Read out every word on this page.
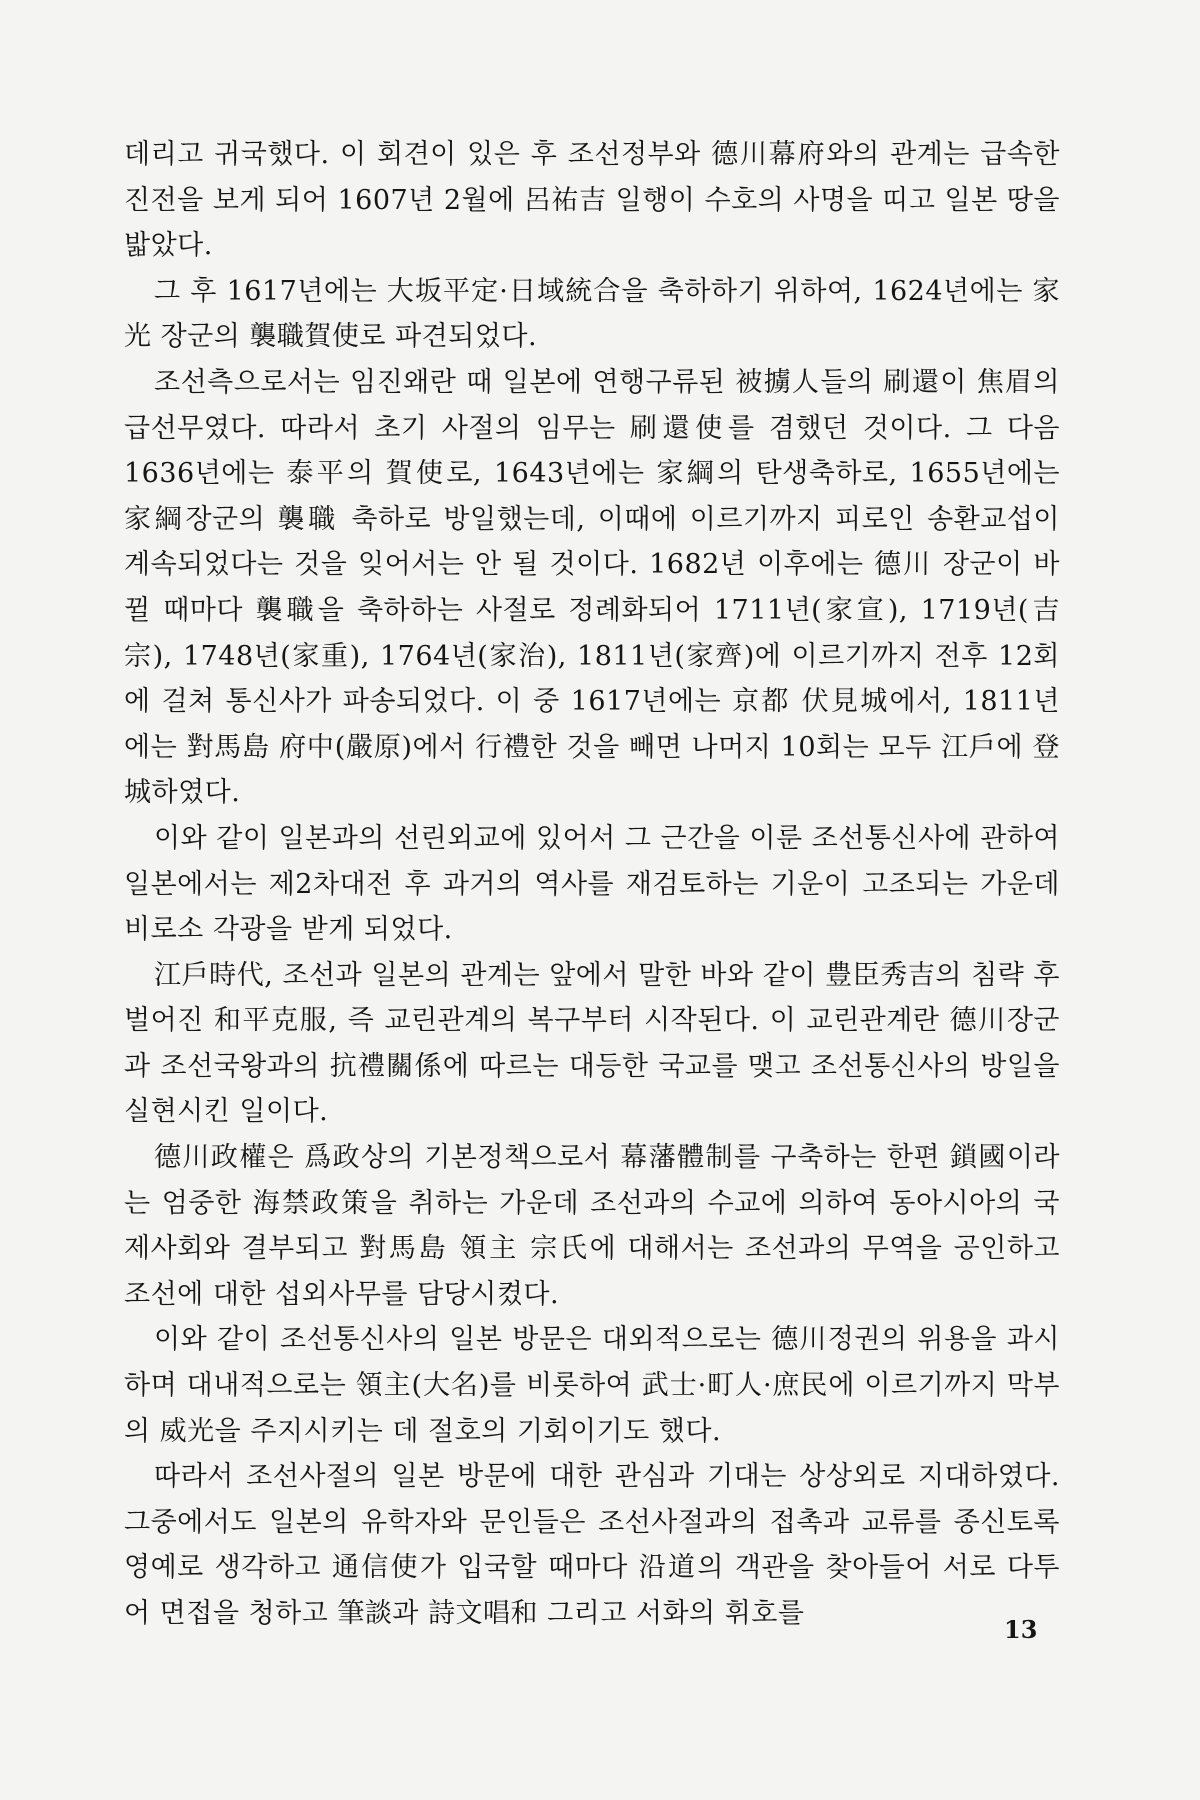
데리고 귀국했다. 이 회견이 있은 후 조선정부와 德川幕府와의 관계는 급속한 진전을 보게 되어 1607년 2월에 呂祐吉 일행이 수호의 사명을 띠고 일본 땅을 밟았다.

그 후 1617년에는 大坂平定·日域統合을 축하하기 위하여, 1624년에는 家光 장군의 襲職賀使로 파견되었다.

조선측으로서는 임진왜란 때 일본에 연행구류된 被擄人들의 刷還이 焦眉의 급선무였다. 따라서 초기 사절의 임무는 刷還使를 겸했던 것이다. 그 다음 1636년에는 泰平의 賀使로, 1643년에는 家綱의 탄생축하로, 1655년에는 家綱장군의 襲職 축하로 방일했는데, 이때에 이르기까지 피로인 송환교섭이 계속되었다는 것을 잊어서는 안 될 것이다. 1682년 이후에는 德川 장군이 바뀔 때마다 襲職을 축하하는 사절로 정례화되어 1711년(家宣), 1719년(吉宗), 1748년(家重), 1764년(家治), 1811년(家齊)에 이르기까지 전후 12회에 걸쳐 통신사가 파송되었다. 이 중 1617년에는 京都 伏見城에서, 1811년에는 對馬島 府中(嚴原)에서 行禮한 것을 빼면 나머지 10회는 모두 江戶에 登城하였다.

이와 같이 일본과의 선린외교에 있어서 그 근간을 이룬 조선통신사에 관하여 일본에서는 제2차대전 후 과거의 역사를 재검토하는 기운이 고조되는 가운데 비로소 각광을 받게 되었다.

江戶時代, 조선과 일본의 관계는 앞에서 말한 바와 같이 豊臣秀吉의 침략 후 벌어진 和平克服, 즉 교린관계의 복구부터 시작된다. 이 교린관계란 德川장군과 조선국왕과의 抗禮關係에 따르는 대등한 국교를 맺고 조선통신사의 방일을 실현시킨 일이다.

德川政權은 爲政상의 기본정책으로서 幕藩體制를 구축하는 한편 鎖國이라는 엄중한 海禁政策을 취하는 가운데 조선과의 수교에 의하여 동아시아의 국제사회와 결부되고 對馬島 領主 宗氏에 대해서는 조선과의 무역을 공인하고 조선에 대한 섭외사무를 담당시켰다.

이와 같이 조선통신사의 일본 방문은 대외적으로는 德川정권의 위용을 과시하며 대내적으로는 領主(大名)를 비롯하여 武士·町人·庶民에 이르기까지 막부의 威光을 주지시키는 데 절호의 기회이기도 했다.

따라서 조선사절의 일본 방문에 대한 관심과 기대는 상상외로 지대하였다. 그중에서도 일본의 유학자와 문인들은 조선사절과의 접촉과 교류를 종신토록 영예로 생각하고 通信使가 입국할 때마다 沿道의 객관을 찾아들어 서로 다투어 면접을 청하고 筆談과 詩文唱和 그리고 서화의 휘호를

13
